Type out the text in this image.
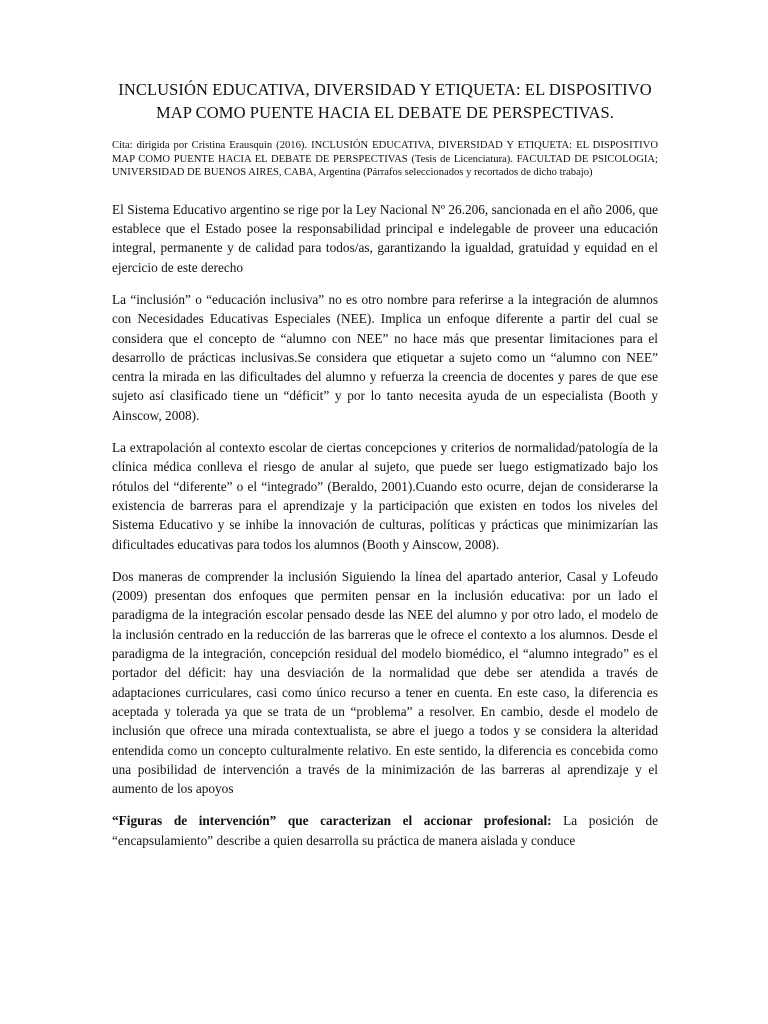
INCLUSIÓN EDUCATIVA, DIVERSIDAD Y ETIQUETA: EL DISPOSITIVO MAP COMO PUENTE HACIA EL DEBATE DE PERSPECTIVAS.

Cita: dirigida por Cristina Erausquin (2016). INCLUSIÓN EDUCATIVA, DIVERSIDAD Y ETIQUETA: EL DISPOSITIVO MAP COMO PUENTE HACIA EL DEBATE DE PERSPECTIVAS (Tesis de Licenciatura). FACULTAD DE PSICOLOGIA; UNIVERSIDAD DE BUENOS AIRES, CABA, Argentina (Párrafos seleccionados y recortados de dicho trabajo)

El Sistema Educativo argentino se rige por la Ley Nacional Nº 26.206, sancionada en el año 2006, que establece que el Estado posee la responsabilidad principal e indelegable de proveer una educación integral, permanente y de calidad para todos/as, garantizando la igualdad, gratuidad y equidad en el ejercicio de este derecho

La “inclusión” o “educación inclusiva” no es otro nombre para referirse a la integración de alumnos con Necesidades Educativas Especiales (NEE). Implica un enfoque diferente a partir del cual se considera que el concepto de “alumno con NEE” no hace más que presentar limitaciones para el desarrollo de prácticas inclusivas.Se considera que etiquetar a sujeto como un “alumno con NEE” centra la mirada en las dificultades del alumno y refuerza la creencia de docentes y pares de que ese sujeto así clasificado tiene un “déficit” y por lo tanto necesita ayuda de un especialista (Booth y Ainscow, 2008).

La extrapolación al contexto escolar de ciertas concepciones y criterios de normalidad/patología de la clínica médica conlleva el riesgo de anular al sujeto, que puede ser luego estigmatizado bajo los rótulos del “diferente” o el “integrado” (Beraldo, 2001).Cuando esto ocurre, dejan de considerarse la existencia de barreras para el aprendizaje y la participación que existen en todos los niveles del Sistema Educativo y se inhibe la innovación de culturas, políticas y prácticas que minimizarían las dificultades educativas para todos los alumnos (Booth y Ainscow, 2008).

Dos maneras de comprender la inclusión Siguiendo la línea del apartado anterior, Casal y Lofeudo (2009) presentan dos enfoques que permiten pensar en la inclusión educativa: por un lado el paradigma de la integración escolar pensado desde las NEE del alumno y por otro lado, el modelo de la inclusión centrado en la reducción de las barreras que le ofrece el contexto a los alumnos. Desde el paradigma de la integración, concepción residual del modelo biomédico, el “alumno integrado” es el portador del déficit: hay una desviación de la normalidad que debe ser atendida a través de adaptaciones curriculares, casi como único recurso a tener en cuenta. En este caso, la diferencia es aceptada y tolerada ya que se trata de un “problema” a resolver. En cambio, desde el modelo de inclusión que ofrece una mirada contextualista, se abre el juego a todos y se considera la alteridad entendida como un concepto culturalmente relativo. En este sentido, la diferencia es concebida como una posibilidad de intervención a través de la minimización de las barreras al aprendizaje y el aumento de los apoyos

“Figuras de intervención” que caracterizan el accionar profesional: La posición de “encapsulamiento” describe a quien desarrolla su práctica de manera aislada y conduce
